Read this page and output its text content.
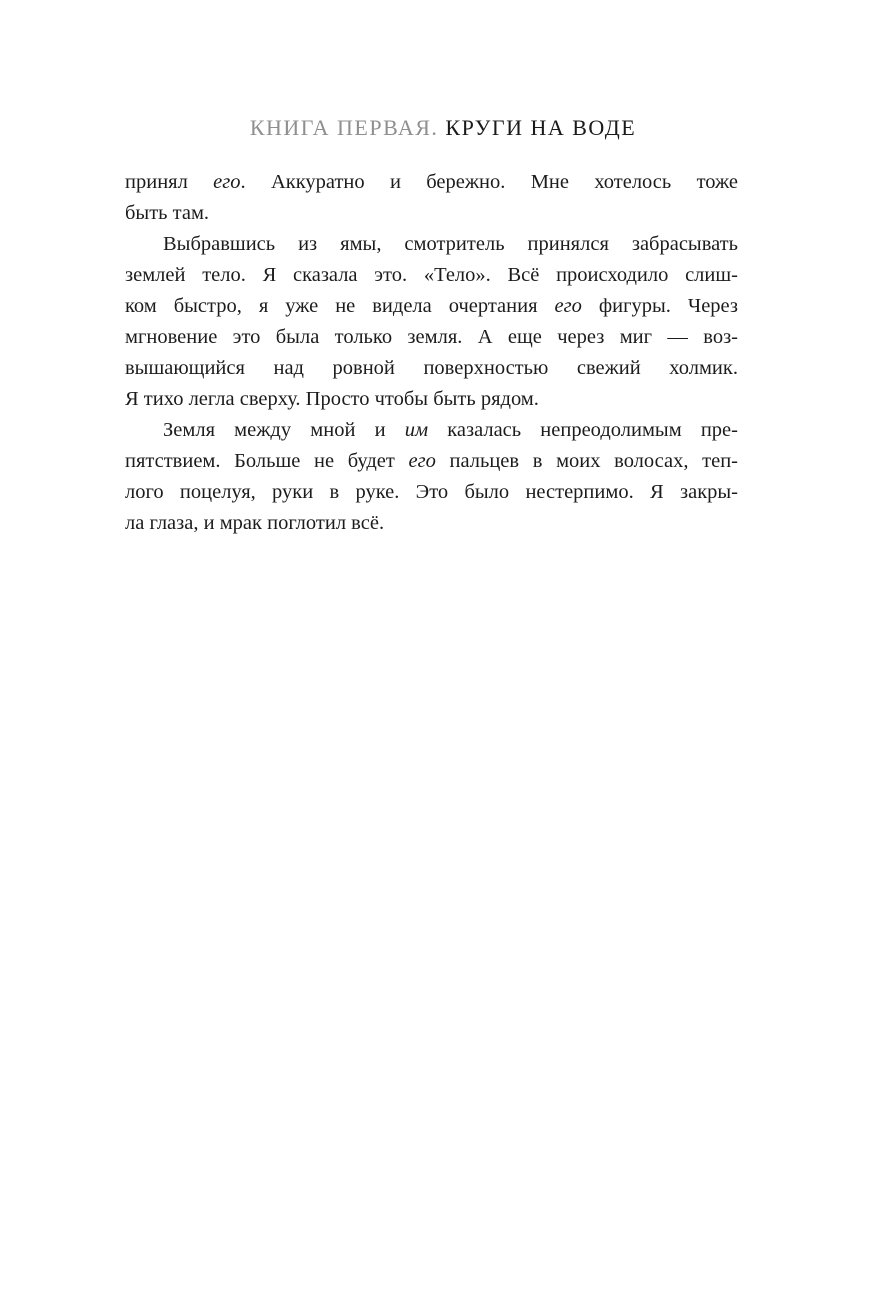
КНИГА ПЕРВАЯ. КРУГИ НА ВОДЕ
принял его. Аккуратно и бережно. Мне хотелось тоже
быть там.
Выбравшись из ямы, смотритель принялся забрасывать
землей тело. Я сказала это. «Тело». Всё происходило слиш-
ком быстро, я уже не видела очертания его фигуры. Через
мгновение это была только земля. А еще через миг — воз-
вышающийся над ровной поверхностью свежий холмик.
Я тихо легла сверху. Просто чтобы быть рядом.
Земля между мной и им казалась непреодолимым пре-
пятствием. Больше не будет его пальцев в моих волосах, теп-
лого поцелуя, руки в руке. Это было нестерпимо. Я закры-
ла глаза, и мрак поглотил всё.
